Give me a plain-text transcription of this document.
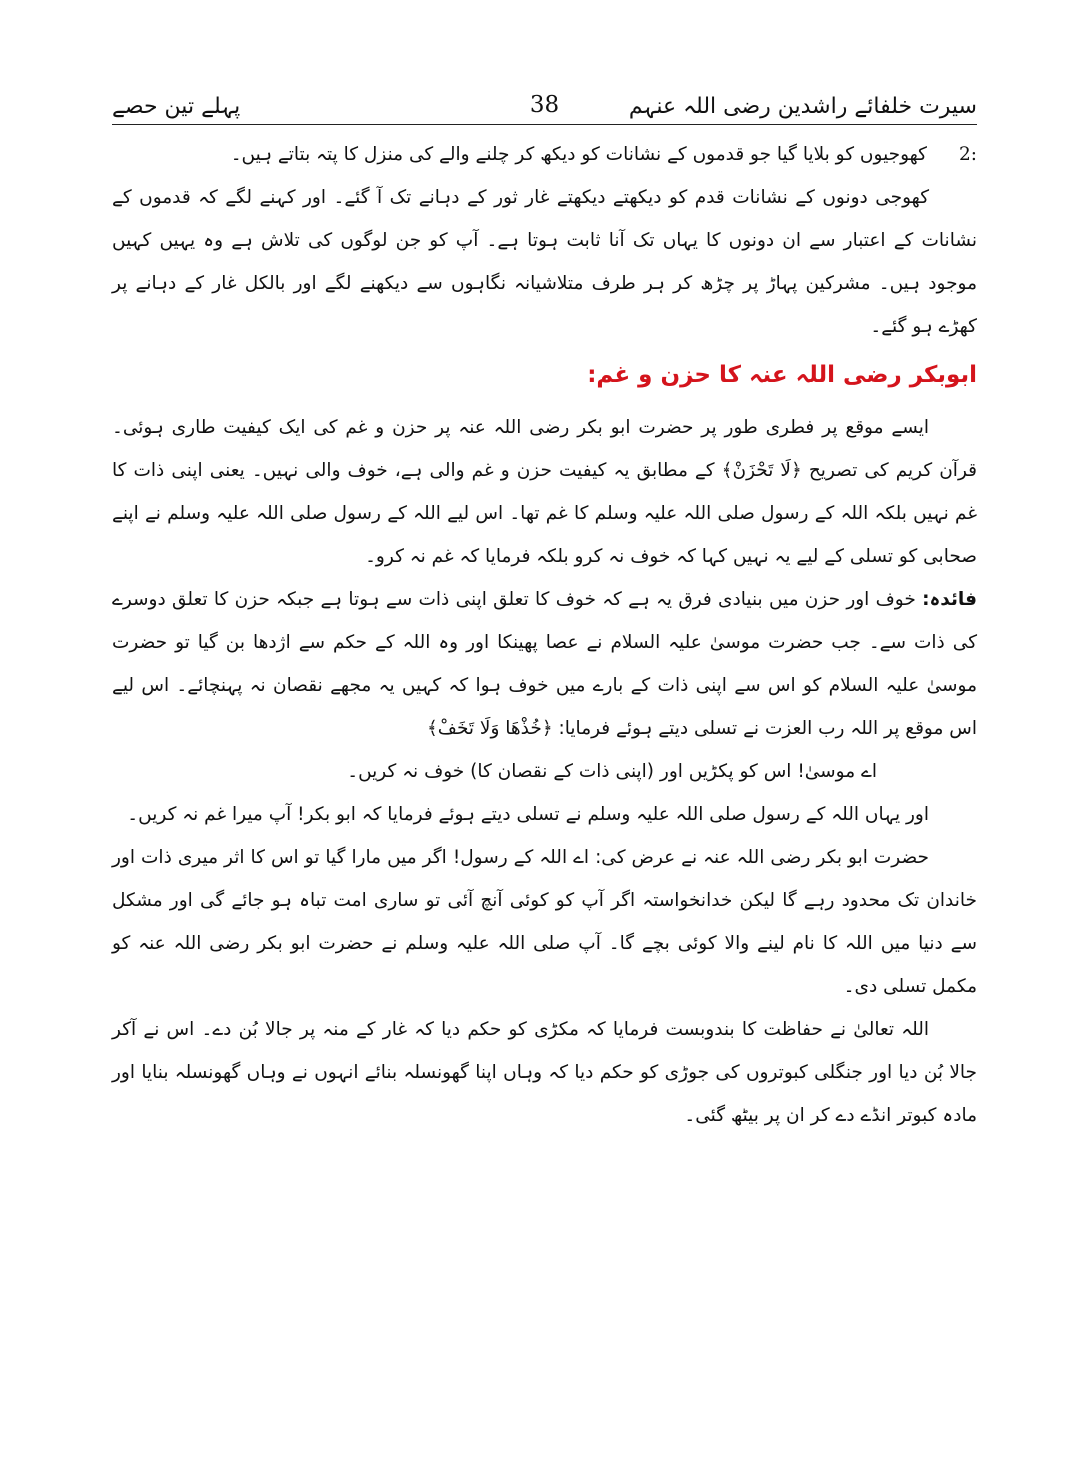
سیرت خلفائے راشدین رضی اللہ عنہم
38
پہلے تین حصے
:2
کھوجیوں کو بلایا گیا جو قدموں کے نشانات کو دیکھ کر چلنے والے کی منزل کا پتہ بتاتے ہیں۔

کھوجی دونوں کے نشانات قدم کو دیکھتے دیکھتے غار ثور کے دہانے تک آ گئے۔ اور کہنے لگے کہ قدموں کے نشانات کے اعتبار سے ان دونوں کا یہاں تک آنا ثابت ہوتا ہے۔ آپ کو جن لوگوں کی تلاش ہے وہ یہیں کہیں موجود ہیں۔ مشرکین پہاڑ پر چڑھ کر ہر طرف متلاشیانہ نگاہوں سے دیکھنے لگے اور بالکل غار کے دہانے پر کھڑے ہو گئے۔

ابوبکر رضی اللہ عنہ کا حزن و غم:

ایسے موقع پر فطری طور پر حضرت ابو بکر رضی اللہ عنہ پر حزن و غم کی ایک کیفیت طاری ہوئی۔ قرآن کریم کی تصریح ﴿لَا تَحْزَنْ﴾ کے مطابق یہ کیفیت حزن و غم والی ہے، خوف والی نہیں۔ یعنی اپنی ذات کا غم نہیں بلکہ اللہ کے رسول صلی اللہ علیہ وسلم کا غم تھا۔ اس لیے اللہ کے رسول صلی اللہ علیہ وسلم نے اپنے صحابی کو تسلی کے لیے یہ نہیں کہا کہ خوف نہ کرو بلکہ فرمایا کہ غم نہ کرو۔

فائدہ: خوف اور حزن میں بنیادی فرق یہ ہے کہ خوف کا تعلق اپنی ذات سے ہوتا ہے جبکہ حزن کا تعلق دوسرے کی ذات سے۔ جب حضرت موسیٰ علیہ السلام نے عصا پھینکا اور وہ اللہ کے حکم سے اژدھا بن گیا تو حضرت موسیٰ علیہ السلام کو اس سے اپنی ذات کے بارے میں خوف ہوا کہ کہیں یہ مجھے نقصان نہ پہنچائے۔ اس لیے اس موقع پر اللہ رب العزت نے تسلی دیتے ہوئے فرمایا: ﴿خُذْهَا وَلَا تَخَفْ﴾

اے موسیٰ! اس کو پکڑیں اور (اپنی ذات کے نقصان کا) خوف نہ کریں۔

اور یہاں اللہ کے رسول صلی اللہ علیہ وسلم نے تسلی دیتے ہوئے فرمایا کہ ابو بکر! آپ میرا غم نہ کریں۔

حضرت ابو بکر رضی اللہ عنہ نے عرض کی: اے اللہ کے رسول! اگر میں مارا گیا تو اس کا اثر میری ذات اور خاندان تک محدود رہے گا لیکن خدانخواستہ اگر آپ کو کوئی آنچ آئی تو ساری امت تباہ ہو جائے گی اور مشکل سے دنیا میں اللہ کا نام لینے والا کوئی بچے گا۔ آپ صلی اللہ علیہ وسلم نے حضرت ابو بکر رضی اللہ عنہ کو مکمل تسلی دی۔

اللہ تعالیٰ نے حفاظت کا بندوبست فرمایا کہ مکڑی کو حکم دیا کہ غار کے منہ پر جالا بُن دے۔ اس نے آکر جالا بُن دیا اور جنگلی کبوتروں کی جوڑی کو حکم دیا کہ وہاں اپنا گھونسلہ بنائے انہوں نے وہاں گھونسلہ بنایا اور مادہ کبوتر انڈے دے کر ان پر بیٹھ گئی۔
